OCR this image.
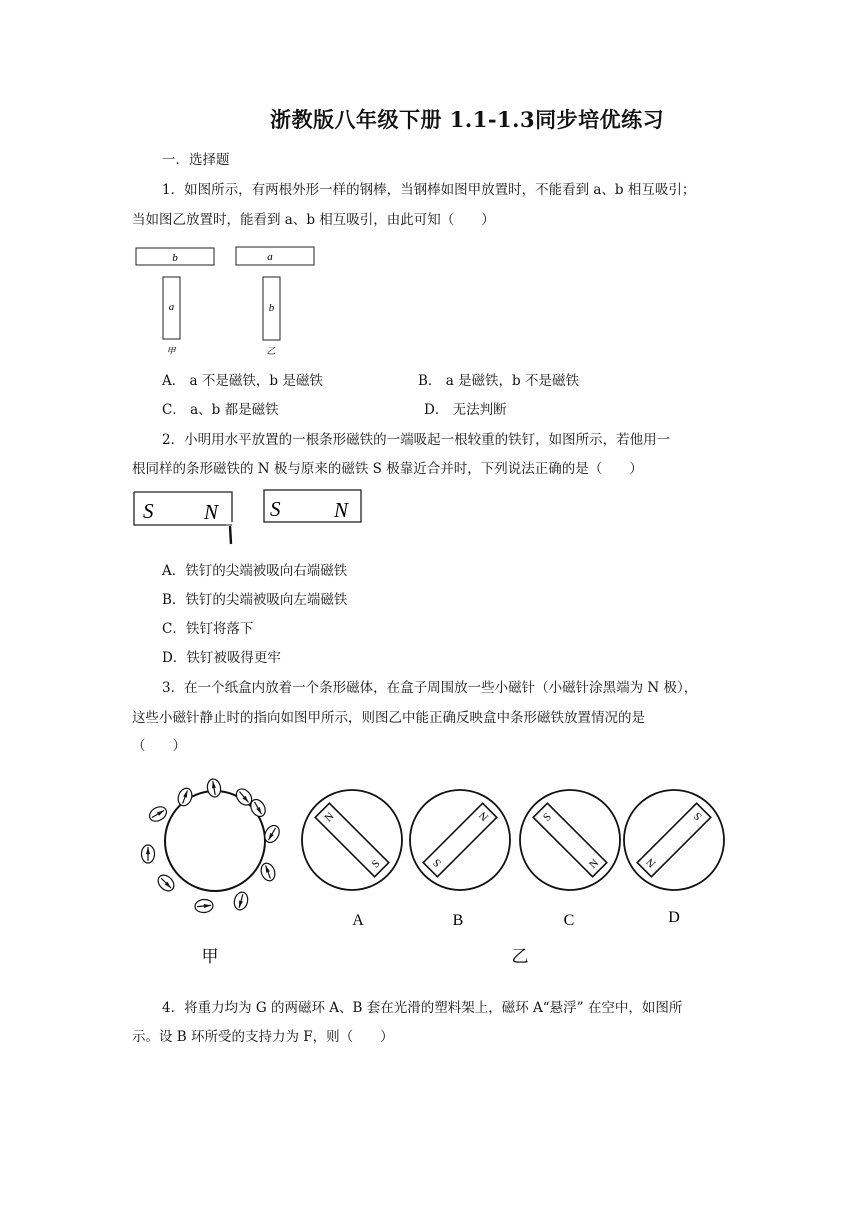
浙教版八年级下册 1.1-1.3同步培优练习
一．选择题
1．如图所示，有两根外形一样的钢棒，当钢棒如图甲放置时，不能看到 a、b 相互吸引；
当如图乙放置时，能看到 a、b 相互吸引，由此可知（　　）
b
a
甲
a
b
乙
A． a 不是磁铁，b 是磁铁	B． a 是磁铁，b 不是磁铁
C． a、b 都是磁铁	D． 无法判断
2．小明用水平放置的一根条形磁铁的一端吸起一根较重的铁钉，如图所示，若他用一
根同样的条形磁铁的 N 极与原来的磁铁 S 极靠近合并时，下列说法正确的是（　　）
S N S	N
A．铁钉的尖端被吸向右端磁铁
B．铁钉的尖端被吸向左端磁铁
C．铁钉将落下
D．铁钉被吸得更牢
3．在一个纸盒内放着一个条形磁体，在盒子周围放一些小磁针（小磁针涂黑端为 N 极），
这些小磁针静止时的指向如图甲所示，则图乙中能正确反映盒中条形磁铁放置情况的是
（　　）
甲
N
S
A
S
N
B
S
N
C
N
S
D
乙
4．将重力均为 G 的两磁环 A、B 套在光滑的塑料架上，磁环 A“悬浮” 在空中，如图所
示。设 B 环所受的支持力为 F，则（　　）
